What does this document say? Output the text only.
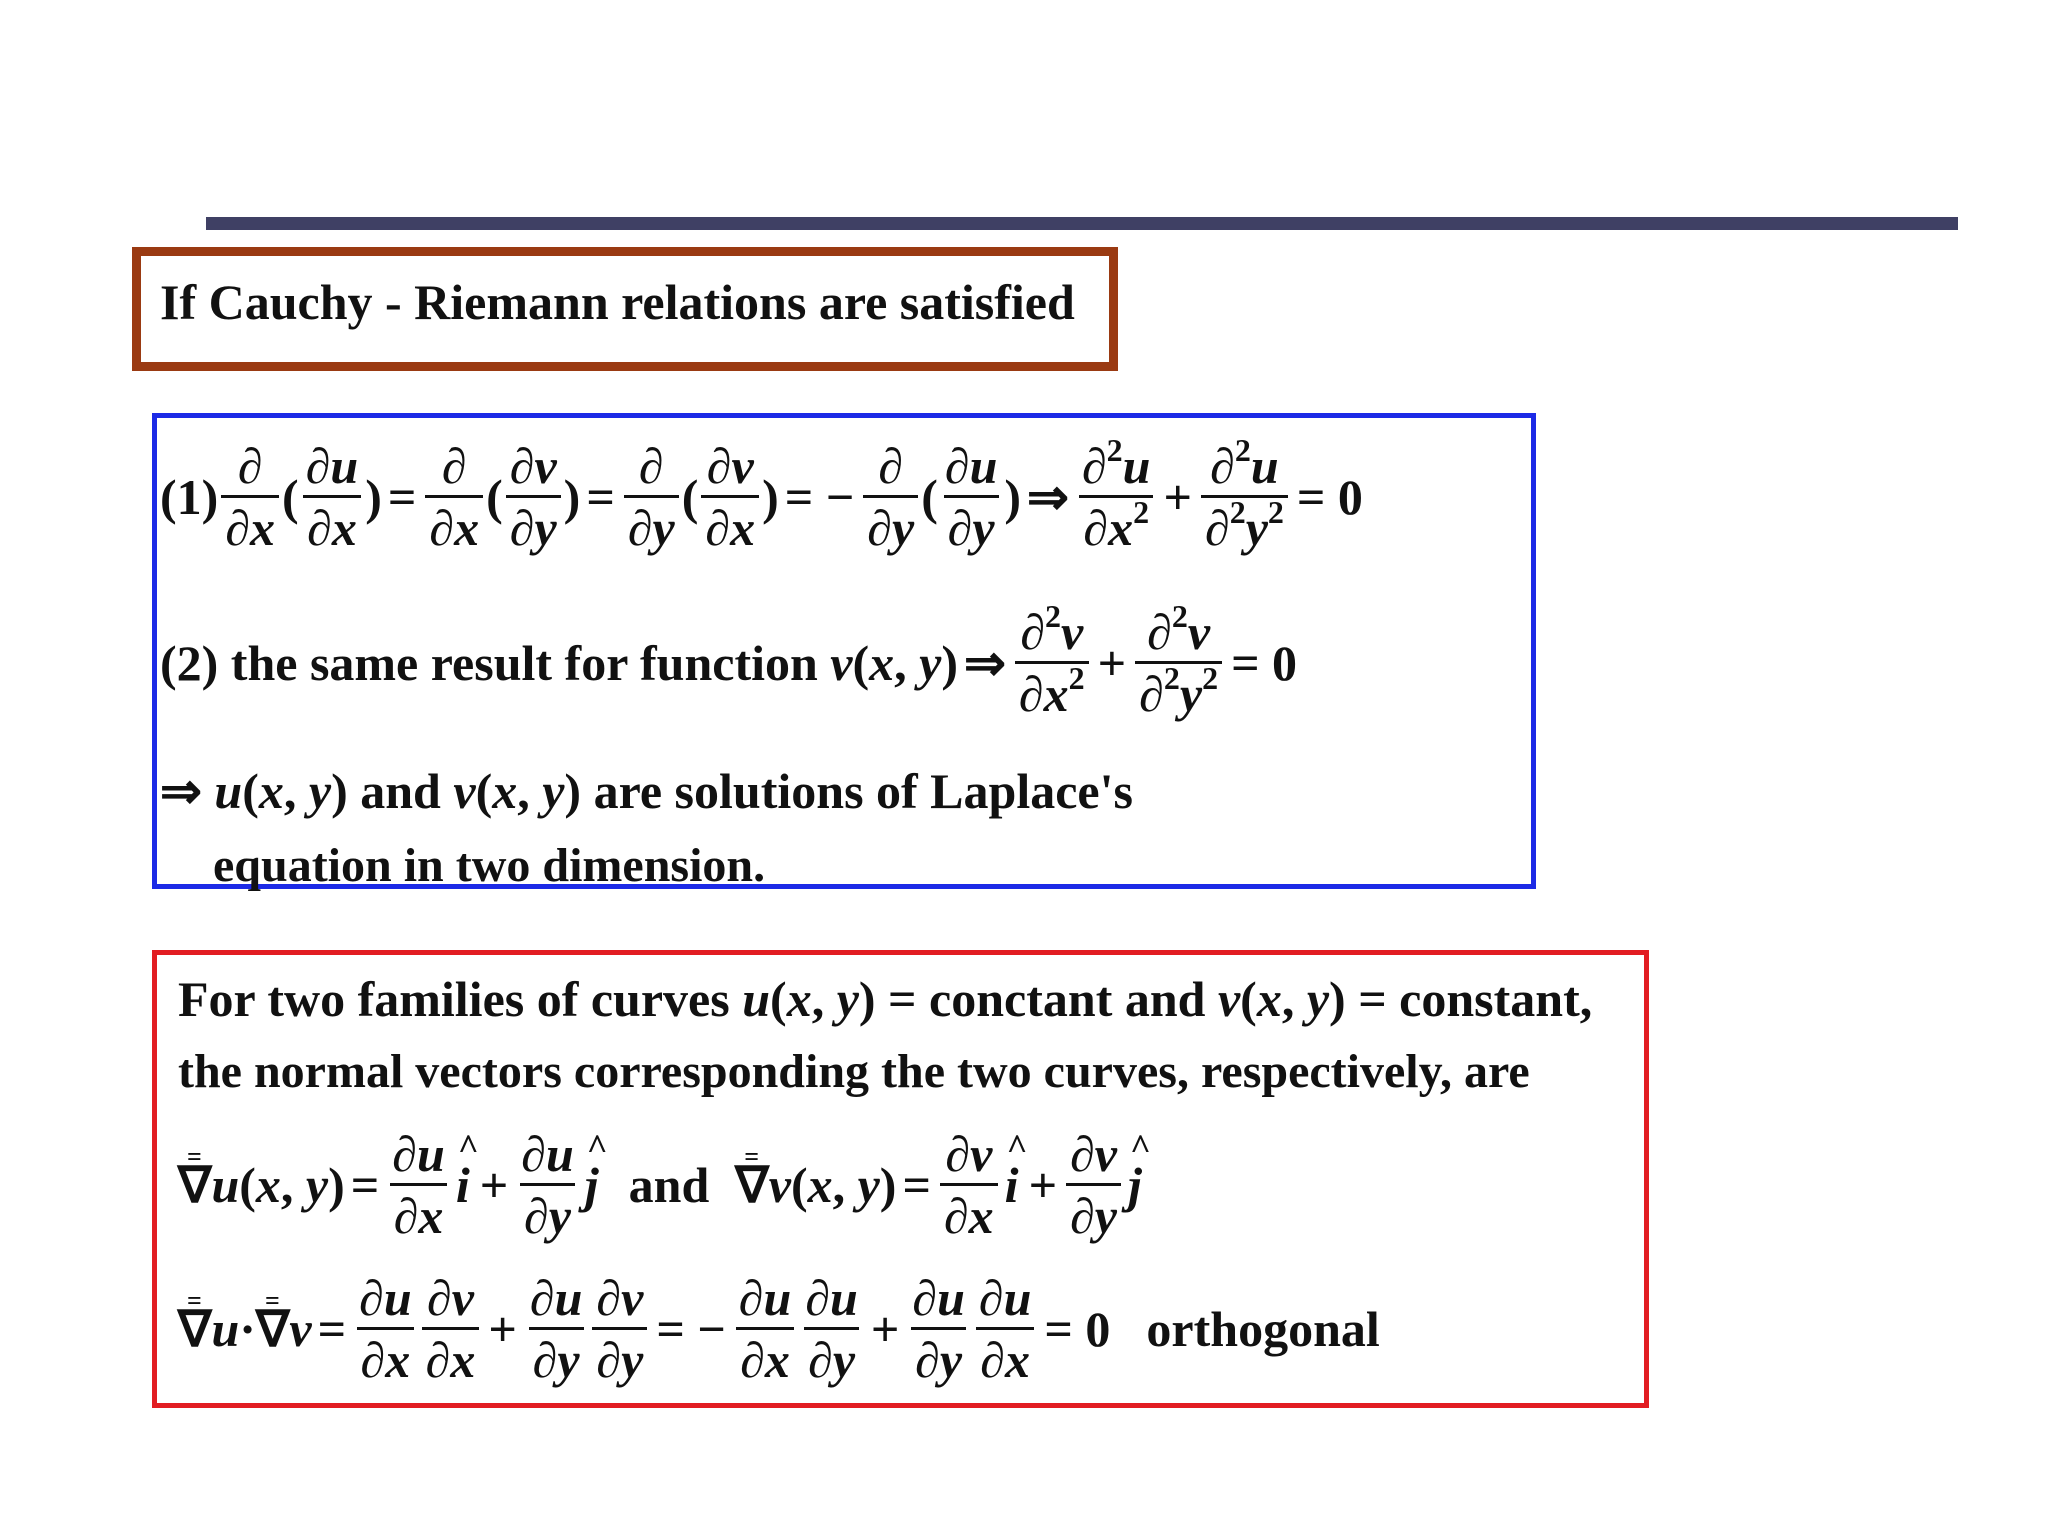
If Cauchy - Riemann relations are satisfied
$(1) \frac{\partial}{\partial x}$ ( $\frac{\partial u}{\partial x}$ ) = $\frac{\partial}{\partial x}$ ( $\frac{\partial v}{\partial y}$ ) = $\frac{\partial}{\partial y}$ ( $\frac{\partial v}{\partial x}$ ) = − $\frac{\partial}{\partial y}$ ( $\frac{\partial u}{\partial y}$ ) ⇒ $\frac{\partial^2u}{\partial x^2} + \frac{\partial^2u}{\partial^2y^2} = 0$
(2) the same result for function v(x, y) ⇒ $\frac{\partial^2v}{\partial x^2} + \frac{\partial^2v}{\partial^2y^2} = 0$
⇒ u(x, y) and v(x, y) are solutions of Laplace's
equation in two dimension.
For two families of curves u(x, y) = conctant and v(x, y) = constant,
the normal vectors corresponding the two curves, respectively, are
= ∇ u(x, $y) = \frac{\partial u}{\partial x}$ i ^ + $\frac{\partial u}{\partial y}$ j ^ and = ∇ v(x, $y) = \frac{\partial v}{\partial x}$ i ^ + $\frac{\partial v}{\partial y}$ j ^
= ∇ u· = ∇ $v = \frac{\partial u}{\partial x} \frac{\partial v}{\partial x} + \frac{\partial u}{\partial y} \frac{\partial v}{\partial y}$ = − $\frac{\partial u}{\partial x} \frac{\partial u}{\partial y} + \frac{\partial u}{\partial y} \frac{\partial u}{\partial x} = 0$ orthogonal
